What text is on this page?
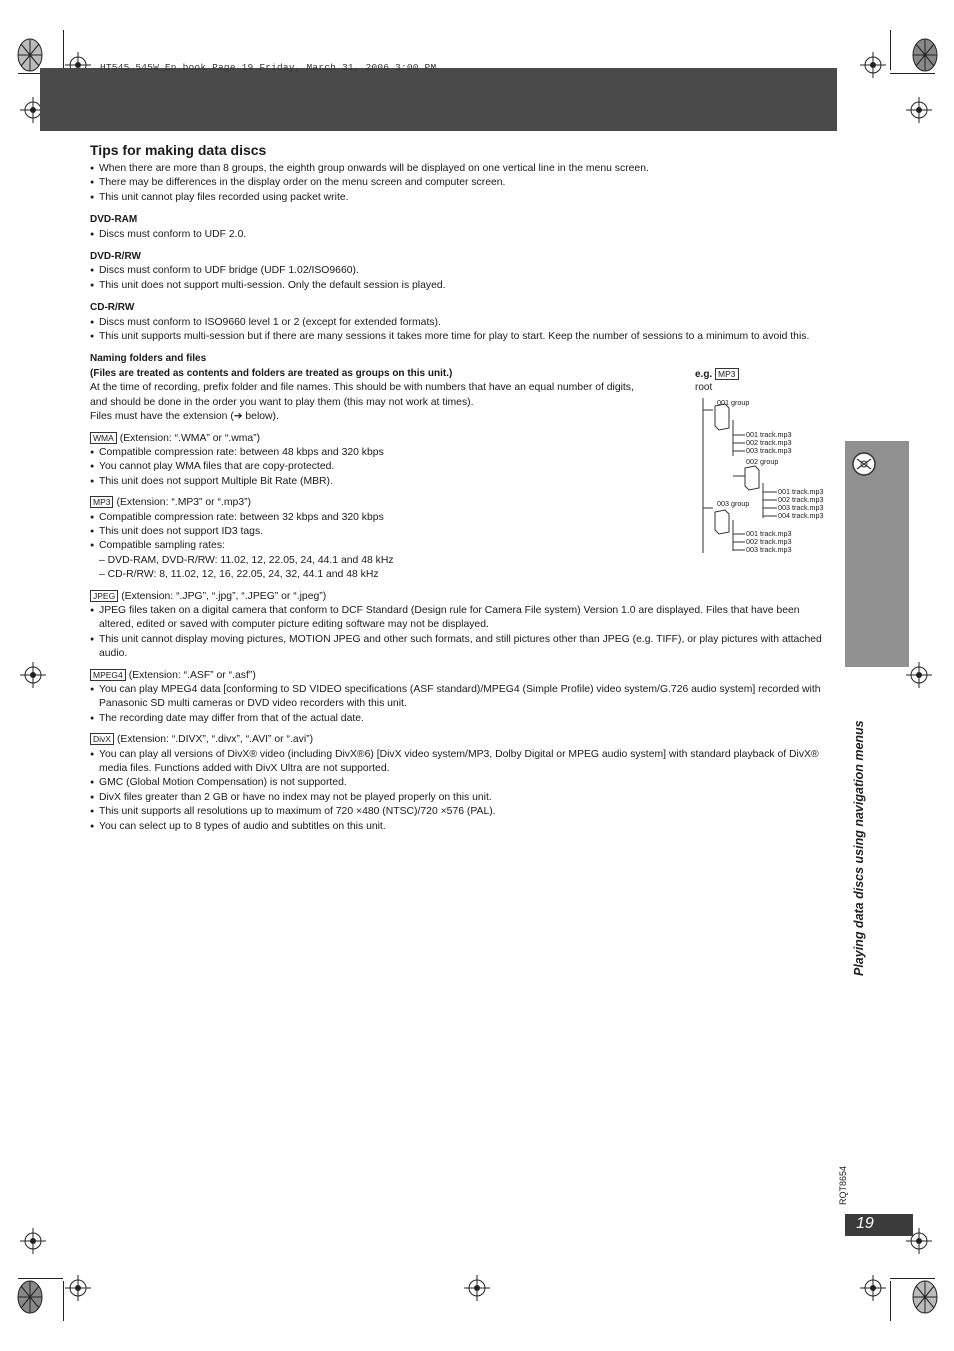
HT545_545W_En.book Page 19 Friday, March 31, 2006 3:00 PM
Playing data discs using navigation menus
RQT8654
19
Tips for making data discs

● When there are more than 8 groups, the eighth group onwards will be displayed on one vertical line in the menu screen.

● There may be differences in the display order on the menu screen and computer screen.

● This unit cannot play files recorded using packet write.

DVD-RAM

● Discs must conform to UDF 2.0.

DVD-R/RW

● Discs must conform to UDF bridge (UDF 1.02/ISO9660).

● This unit does not support multi-session. Only the default session is played.

CD-R/RW

● Discs must conform to ISO9660 level 1 or 2 (except for extended formats).

● This unit supports multi-session but if there are many sessions it takes more time for play to start. Keep the number of sessions to a minimum to avoid this.

Naming folders and files

(Files are treated as contents and folders are treated as groups on this unit.)

At the time of recording, prefix folder and file names. This should be with numbers that have an equal number of digits, and should be done in the order you want to play them (this may not work at times).

Files must have the extension (➔ below).

WMA (Extension: “.WMA” or “.wma”)

● Compatible compression rate: between 48 kbps and 320 kbps

● You cannot play WMA files that are copy-protected.

● This unit does not support Multiple Bit Rate (MBR).

MP3 (Extension: “.MP3” or “.mp3”)

● Compatible compression rate: between 32 kbps and 320 kbps

● This unit does not support ID3 tags.

● Compatible sampling rates:

– DVD-RAM, DVD-R/RW: 11.02, 12, 22.05, 24, 44.1 and 48 kHz

– CD-R/RW: 8, 11.02, 12, 16, 22.05, 24, 32, 44.1 and 48 kHz

JPEG (Extension: “.JPG”, “.jpg”, “.JPEG” or “.jpeg”)

● JPEG files taken on a digital camera that conform to DCF Standard (Design rule for Camera File system) Version 1.0 are displayed. Files that have been altered, edited or saved with computer picture editing software may not be displayed.

● This unit cannot display moving pictures, MOTION JPEG and other such formats, and still pictures other than JPEG (e.g. TIFF), or play pictures with attached audio.

MPEG4 (Extension: “.ASF” or “.asf”)

● You can play MPEG4 data [conforming to SD VIDEO specifications (ASF standard)/MPEG4 (Simple Profile) video system/G.726 audio system] recorded with Panasonic SD multi cameras or DVD video recorders with this unit.

● The recording date may differ from that of the actual date.

DivX (Extension: “.DIVX”, “.divx”, “.AVI” or “.avi”)

● You can play all versions of DivX® video (including DivX®6) [DivX video system/MP3, Dolby Digital or MPEG audio system] with standard playback of DivX® media files. Functions added with DivX Ultra are not supported.

● GMC (Global Motion Compensation) is not supported.

● DivX files greater than 2 GB or have no index may not be played properly on this unit.

● This unit supports all resolutions up to maximum of 720 ×480 (NTSC)/720 ×576 (PAL).

● You can select up to 8 types of audio and subtitles on this unit.

e.g. MP3
root
001 group
001 track.mp3
002 track.mp3
003 track.mp3
002 group
001 track.mp3
002 track.mp3
003 track.mp3
004 track.mp3
003 group
001 track.mp3
002 track.mp3
003 track.mp3
